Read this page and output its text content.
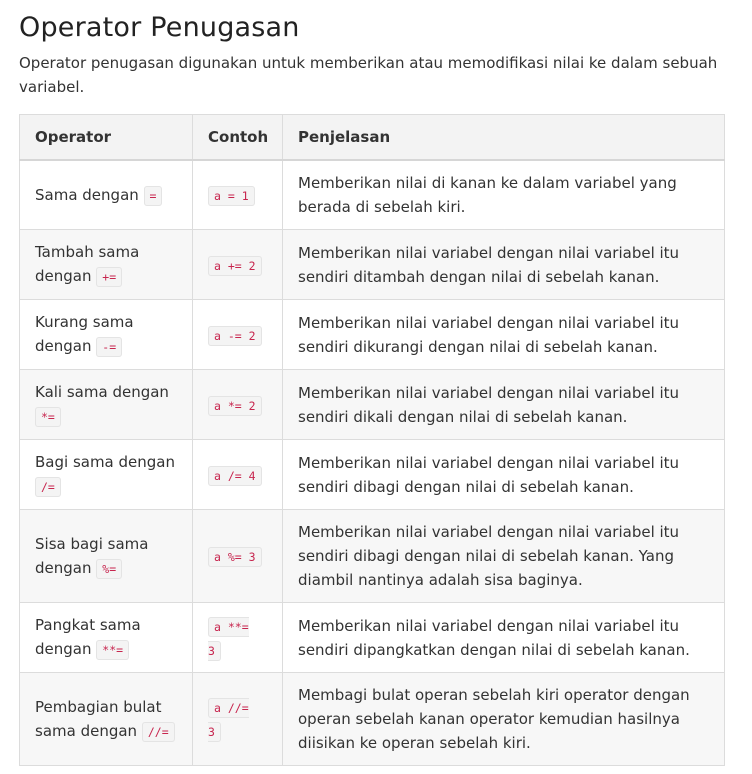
Operator Penugasan

Operator penugasan digunakan untuk memberikan atau memodifikasi nilai ke dalam sebuah variabel.

Operator	Contoh	Penjelasan
Sama dengan =	a = 1	Memberikan nilai di kanan ke dalam variabel yang berada di sebelah kiri.
Tambah sama dengan +=	a += 2	Memberikan nilai variabel dengan nilai variabel itu sendiri ditambah dengan nilai di sebelah kanan.
Kurang sama dengan -=	a -= 2	Memberikan nilai variabel dengan nilai variabel itu sendiri dikurangi dengan nilai di sebelah kanan.
Kali sama dengan *=	a *= 2	Memberikan nilai variabel dengan nilai variabel itu sendiri dikali dengan nilai di sebelah kanan.
Bagi sama dengan /=	a /= 4	Memberikan nilai variabel dengan nilai variabel itu sendiri dibagi dengan nilai di sebelah kanan.
Sisa bagi sama dengan %=	a %= 3	Memberikan nilai variabel dengan nilai variabel itu sendiri dibagi dengan nilai di sebelah kanan. Yang diambil nantinya adalah sisa baginya.
Pangkat sama dengan **=	a **= 3	Memberikan nilai variabel dengan nilai variabel itu sendiri dipangkatkan dengan nilai di sebelah kanan.
Pembagian bulat sama dengan //=	a //= 3	Membagi bulat operan sebelah kiri operator dengan operan sebelah kanan operator kemudian hasilnya diisikan ke operan sebelah kiri.
